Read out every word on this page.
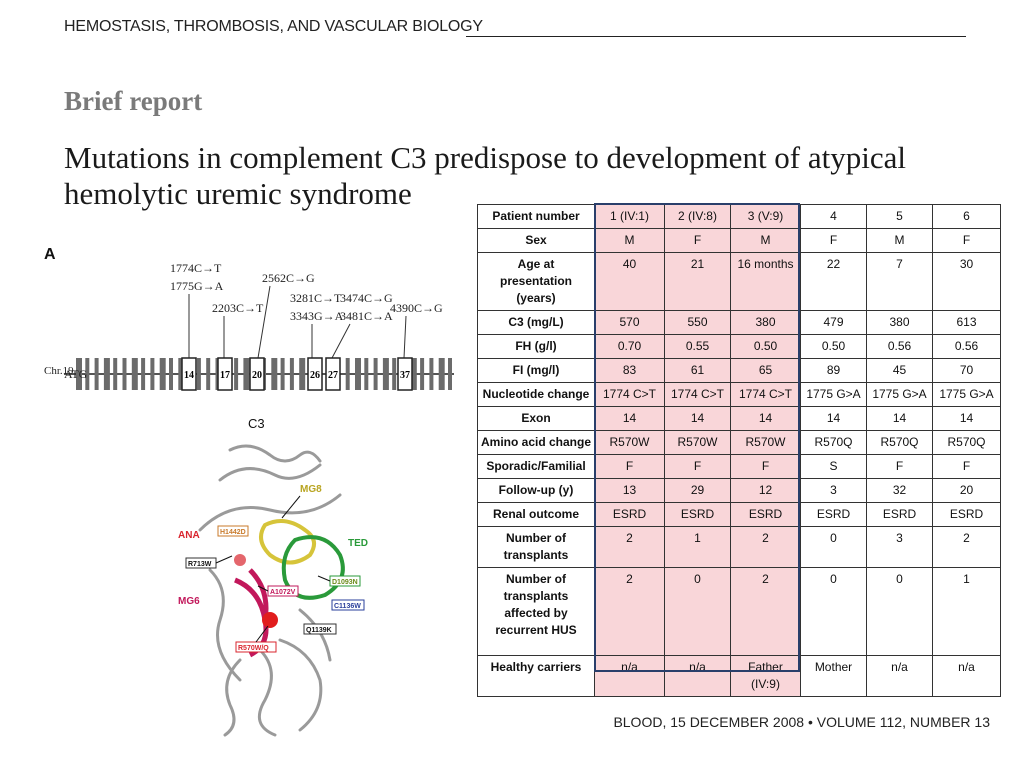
HEMOSTASIS, THROMBOSIS, AND VASCULAR BIOLOGY
Brief report
Mutations in complement C3 predispose to development of atypical hemolytic uremic syndrome
A
ATG
Chr.19
1774C→T
1775G→A
2203C→T
2562C→G
3281C→T
3343G→A
3474C→G
3481C→A
4390C→G
14	17 20	26 27	37
C3
MG8
ANA
TED
MG6
H1442D
R713W
D1093N
A1072V
C1136W
Q1139K
R570W/Q
Patient number	1 (IV:1)	2 (IV:8)	3 (V:9)	4	5	6
Sex	M	F	M	F	M	F
Age at presentation (years)	40	21	16 months	22	7	30
C3 (mg/L)	570	550	380	479	380	613
FH (g/l)	0.70	0.55	0.50	0.50	0.56	0.56
FI (mg/l)	83	61	65	89	45	70
Nucleotide change	1774 C>T	1774 C>T	1774 C>T	1775 G>A	1775 G>A	1775 G>A
Exon	14	14	14	14	14	14
Amino acid change	R570W	R570W	R570W	R570Q	R570Q	R570Q
Sporadic/Familial	F	F	F	S	F	F
Follow-up (y)	13	29	12	3	32	20
Renal outcome	ESRD	ESRD	ESRD	ESRD	ESRD	ESRD
Number of transplants	2	1	2	0	3	2
Number of transplants affected by recurrent HUS	2	0	2	0	0	1
Healthy carriers	n/a	n/a	Father (IV:9)	Mother	n/a	n/a
BLOOD, 15 DECEMBER 2008 • VOLUME 112, NUMBER 13
